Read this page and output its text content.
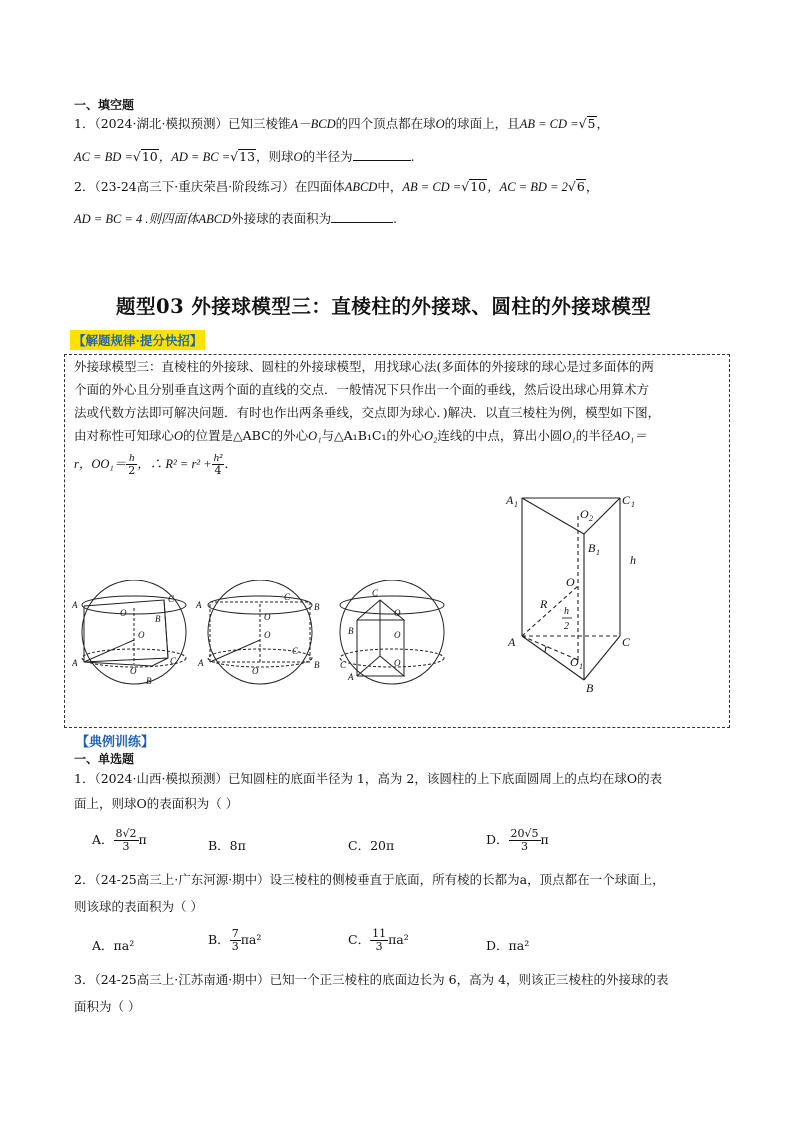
一、填空题
1．（2024·湖北·模拟预测）已知三棱锥A－BCD的四个顶点都在球O的球面上，且AB = CD =√5，
AC = BD =√10，AD = BC =√13，则球O的半径为	.
2．（23-24高三下·重庆荣昌·阶段练习）在四面体ABCD中，AB = CD =√10，AC = BD = 2√6，
AD = BC = 4 .则四面体ABCD外接球的表面积为	.
题型03 外接球模型三：直棱柱的外接球、圆柱的外接球模型
【解题规律·提分快招】
外接球模型三：直棱柱的外接球、圆柱的外接球模型，用找球心法(多面体的外接球的球心是过多面体的两
个面的外心且分别垂直这两个面的直线的交点．一般情况下只作出一个面的垂线，然后设出球心用算术方
法或代数方法即可解决问题．有时也作出两条垂线，交点即为球心．)解决．以直三棱柱为例，模型如下图，
由对称性可知球心O的位置是△ABC的外心O₁与△A₁B₁C₁的外心O₂连线的中点，算出小圆O₁的半径AO₁＝
r，$OO_1= \frac{h}{2}$ ，∴ $R^2 = r^2 + \frac{\text{h²}}{4}$ ．
A
C
O
B
O
A	C
O
B
A
C
B
O
O
A
C
O
B
C
O
B	O
C	O
A
A 1	C 1
O 2
B 1
h
O
R
h
2
A r	C
O 1
B
【典例训练】
一、单选题
1．（2024·山西·模拟预测）已知圆柱的底面半径为 1，高为 2，该圆柱的上下底面圆周上的点均在球O的表
面上，则球O的表面积为（ ）
A． $\frac{8√2}{3}$ π	B．8π	C．20π	D． $\frac{20√5}{3}$ π
2．（24-25高三上·广东河源·期中）设三棱柱的侧棱垂直于底面，所有棱的长都为a，顶点都在一个球面上，
则该球的表面积为（ ）
A．πa²	B． $\frac{7}{3} \pi a^2$	C． $\frac{11}{3} \pi a^2$	D．πa²
3．（24-25高三上·江苏南通·期中）已知一个正三棱柱的底面边长为 6，高为 4，则该正三棱柱的外接球的表
面积为（ ）
